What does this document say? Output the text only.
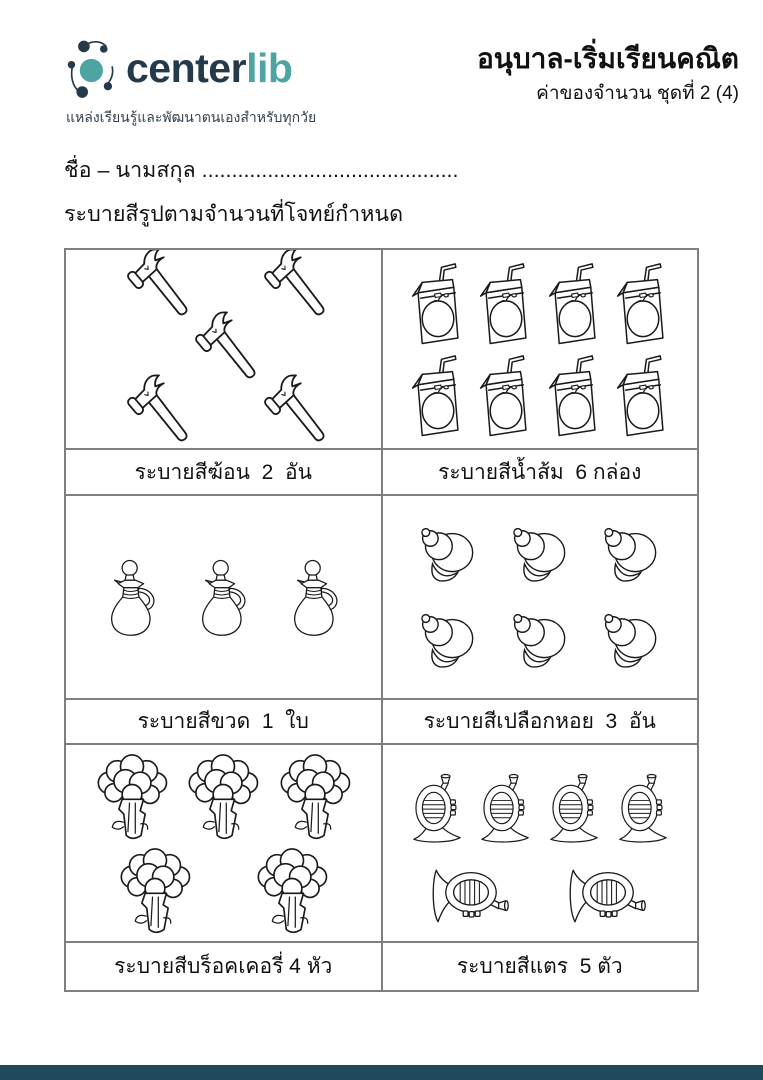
centerlib
แหล่งเรียนรู้และพัฒนาตนเองสำหรับทุกวัย
อนุบาล-เริ่มเรียนคณิต
ค่าของจำนวน ชุดที่ 2 (4)
ชื่อ – นามสกุล ...........................................
ระบายสีรูปตามจำนวนที่โจทย์กำหนด
ระบายสีฆ้อน  2  อัน	ระบายสีน้ำส้ม  6 กล่อง
ระบายสีขวด  1  ใบ	ระบายสีเปลือกหอย  3  อัน
ระบายสีบร็อคเคอรี่ 4 หัว	ระบายสีแตร  5 ตัว
